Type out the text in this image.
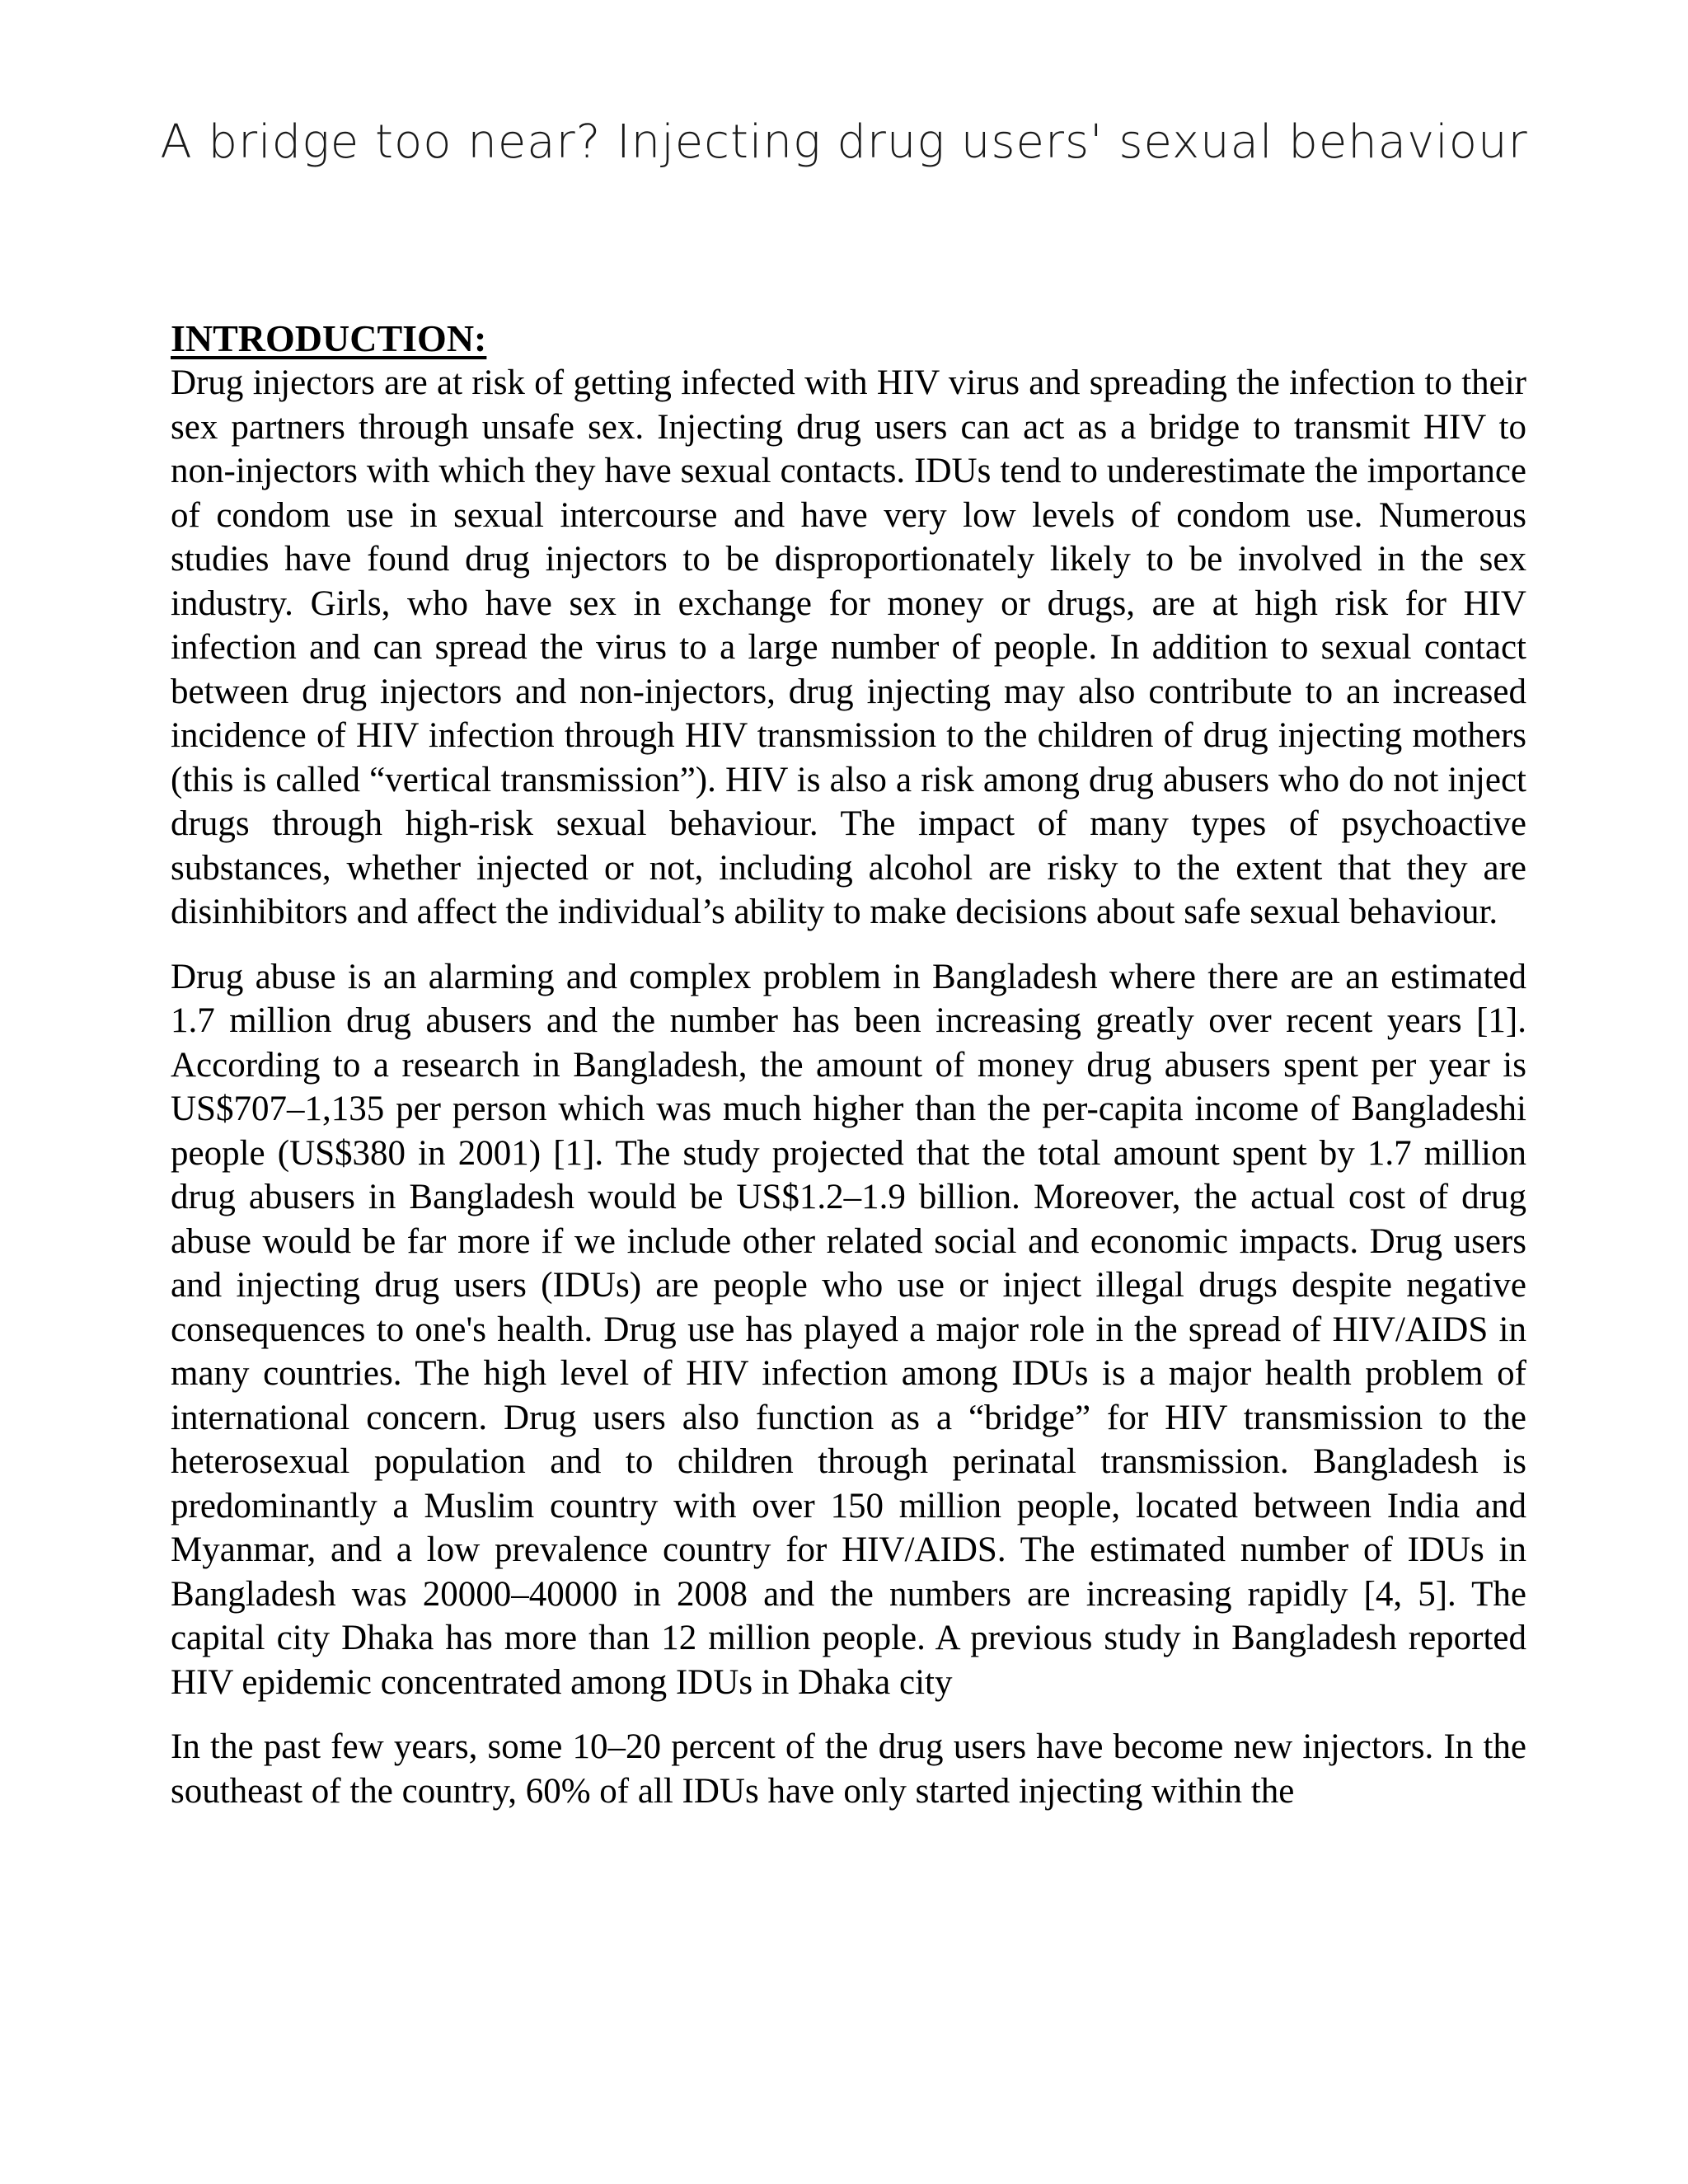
A bridge too near? Injecting drug users' sexual behaviour
INTRODUCTION:

Drug injectors are at risk of getting infected with HIV virus and spreading the infection to their sex partners through unsafe sex. Injecting drug users can act as a bridge to transmit HIV to non-injectors with which they have sexual contacts. IDUs tend to underestimate the importance of condom use in sexual intercourse and have very low levels of condom use. Numerous studies have found drug injectors to be disproportionately likely to be involved in the sex industry. Girls, who have sex in exchange for money or drugs, are at high risk for HIV infection and can spread the virus to a large number of people. In addition to sexual contact between drug injectors and non-injectors, drug injecting may also contribute to an increased incidence of HIV infection through HIV transmission to the children of drug injecting mothers (this is called “vertical transmission”). HIV is also a risk among drug abusers who do not inject drugs through high-risk sexual behaviour. The impact of many types of psychoactive substances, whether injected or not, including alcohol are risky to the extent that they are disinhibitors and affect the individual’s ability to make decisions about safe sexual behaviour.

Drug abuse is an alarming and complex problem in Bangladesh where there are an estimated 1.7 million drug abusers and the number has been increasing greatly over recent years [1]. According to a research in Bangladesh, the amount of money drug abusers spent per year is US$707–1,135 per person which was much higher than the per-capita income of Bangladeshi people (US$380 in 2001) [1]. The study projected that the total amount spent by 1.7 million drug abusers in Bangladesh would be US$1.2–1.9 billion. Moreover, the actual cost of drug abuse would be far more if we include other related social and economic impacts. Drug users and injecting drug users (IDUs) are people who use or inject illegal drugs despite negative consequences to one's health. Drug use has played a major role in the spread of HIV/AIDS in many countries. The high level of HIV infection among IDUs is a major health problem of international concern. Drug users also function as a “bridge” for HIV transmission to the heterosexual population and to children through perinatal transmission. Bangladesh is predominantly a Muslim country with over 150 million people, located between India and Myanmar, and a low prevalence country for HIV/AIDS. The estimated number of IDUs in Bangladesh was 20000–40000 in 2008 and the numbers are increasing rapidly [4, 5]. The capital city Dhaka has more than 12 million people. A previous study in Bangladesh reported HIV epidemic concentrated among IDUs in Dhaka city

In the past few years, some 10–20 percent of the drug users have become new injectors. In the southeast of the country, 60% of all IDUs have only started injecting within the
